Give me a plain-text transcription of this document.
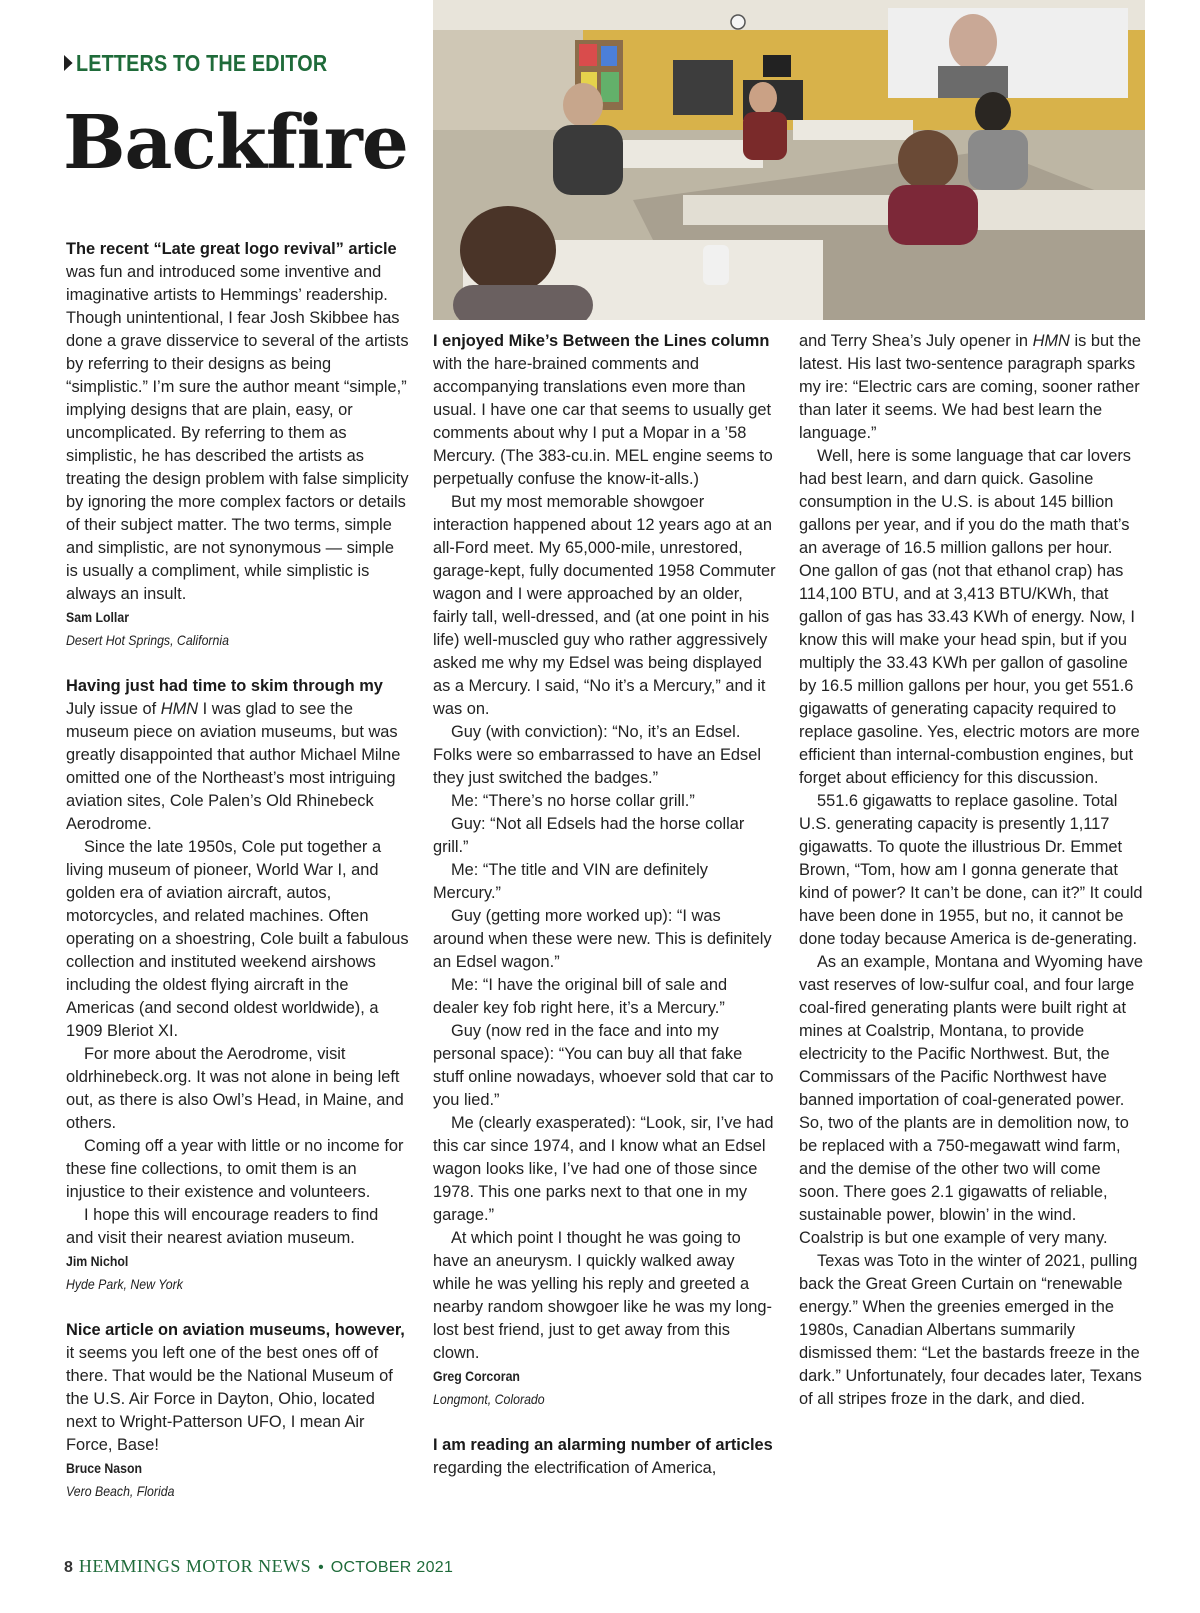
LETTERS TO THE EDITOR
Backfire

The recent “Late great logo revival” article was fun and introduced some inventive and imaginative artists to Hemmings’ readership. Though unintentional, I fear Josh Skibbee has done a grave disservice to several of the artists by referring to their designs as being “simplistic.” I’m sure the author meant “simple,” implying designs that are plain, easy, or uncomplicated. By referring to them as simplistic, he has described the artists as treating the design problem with false simplicity by ignoring the more complex factors or details of their subject matter. The two terms, simple and simplistic, are not synonymous — simple is usually a compliment, while simplistic is always an insult.

Sam Lollar
Desert Hot Springs, California

Having just had time to skim through my July issue of HMN I was glad to see the museum piece on aviation museums, but was greatly disappointed that author Michael Milne omitted one of the Northeast’s most intriguing aviation sites, Cole Palen’s Old Rhinebeck Aerodrome.

Since the late 1950s, Cole put together a living museum of pioneer, World War I, and golden era of aviation aircraft, autos, motorcycles, and related machines. Often operating on a shoestring, Cole built a fabulous collection and instituted weekend airshows including the oldest flying aircraft in the Americas (and second oldest worldwide), a 1909 Bleriot XI.

For more about the Aerodrome, visit oldrhinebeck.org. It was not alone in being left out, as there is also Owl’s Head, in Maine, and others.

Coming off a year with little or no income for these fine collections, to omit them is an injustice to their existence and volunteers.

I hope this will encourage readers to find and visit their nearest aviation museum.

Jim Nichol
Hyde Park, New York

Nice article on aviation museums, however, it seems you left one of the best ones off of there. That would be the National Museum of the U.S. Air Force in Dayton, Ohio, located next to Wright-Patterson UFO, I mean Air Force, Base!

Bruce Nason
Vero Beach, Florida

I enjoyed Mike’s Between the Lines column with the hare-brained comments and accompanying translations even more than usual. I have one car that seems to usually get comments about why I put a Mopar in a ’58 Mercury. (The 383-cu.in. MEL engine seems to perpetually confuse the know-it-alls.)

But my most memorable showgoer interaction happened about 12 years ago at an all-Ford meet. My 65,000-mile, unrestored, garage-kept, fully documented 1958 Commuter wagon and I were approached by an older, fairly tall, well-dressed, and (at one point in his life) well-muscled guy who rather aggressively asked me why my Edsel was being displayed as a Mercury. I said, “No it’s a Mercury,” and it was on.

Guy (with conviction): “No, it’s an Edsel. Folks were so embarrassed to have an Edsel they just switched the badges.”

Me: “There’s no horse collar grill.”

Guy: “Not all Edsels had the horse collar grill.”

Me: “The title and VIN are definitely Mercury.”

Guy (getting more worked up): “I was around when these were new. This is definitely an Edsel wagon.”

Me: “I have the original bill of sale and dealer key fob right here, it’s a Mercury.”

Guy (now red in the face and into my personal space): “You can buy all that fake stuff online nowadays, whoever sold that car to you lied.”

Me (clearly exasperated): “Look, sir, I’ve had this car since 1974, and I know what an Edsel wagon looks like, I’ve had one of those since 1978. This one parks next to that one in my garage.”

At which point I thought he was going to have an aneurysm. I quickly walked away while he was yelling his reply and greeted a nearby random showgoer like he was my long-lost best friend, just to get away from this clown.

Greg Corcoran
Longmont, Colorado

I am reading an alarming number of articles regarding the electrification of America,

and Terry Shea’s July opener in HMN is but the latest. His last two-sentence paragraph sparks my ire: “Electric cars are coming, sooner rather than later it seems. We had best learn the language.”

Well, here is some language that car lovers had best learn, and darn quick. Gasoline consumption in the U.S. is about 145 billion gallons per year, and if you do the math that’s an average of 16.5 million gallons per hour. One gallon of gas (not that ethanol crap) has 114,100 BTU, and at 3,413 BTU/KWh, that gallon of gas has 33.43 KWh of energy. Now, I know this will make your head spin, but if you multiply the 33.43 KWh per gallon of gasoline by 16.5 million gallons per hour, you get 551.6 gigawatts of generating capacity required to replace gasoline. Yes, electric motors are more efficient than internal-combustion engines, but forget about efficiency for this discussion.

551.6 gigawatts to replace gasoline. Total U.S. generating capacity is presently 1,117 gigawatts. To quote the illustrious Dr. Emmet Brown, “Tom, how am I gonna generate that kind of power? It can’t be done, can it?” It could have been done in 1955, but no, it cannot be done today because America is de-generating.

As an example, Montana and Wyoming have vast reserves of low-sulfur coal, and four large coal-fired generating plants were built right at mines at Coalstrip, Montana, to provide electricity to the Pacific Northwest. But, the Commissars of the Pacific Northwest have banned importation of coal-generated power. So, two of the plants are in demolition now, to be replaced with a 750-megawatt wind farm, and the demise of the other two will come soon. There goes 2.1 gigawatts of reliable, sustainable power, blowin’ in the wind. Coalstrip is but one example of very many.

Texas was Toto in the winter of 2021, pulling back the Great Green Curtain on “renewable energy.” When the greenies emerged in the 1980s, Canadian Albertans summarily dismissed them: “Let the bastards freeze in the dark.” Unfortunately, four decades later, Texans of all stripes froze in the dark, and died.

8 HEMMINGS MOTOR NEWS • OCTOBER 2021
